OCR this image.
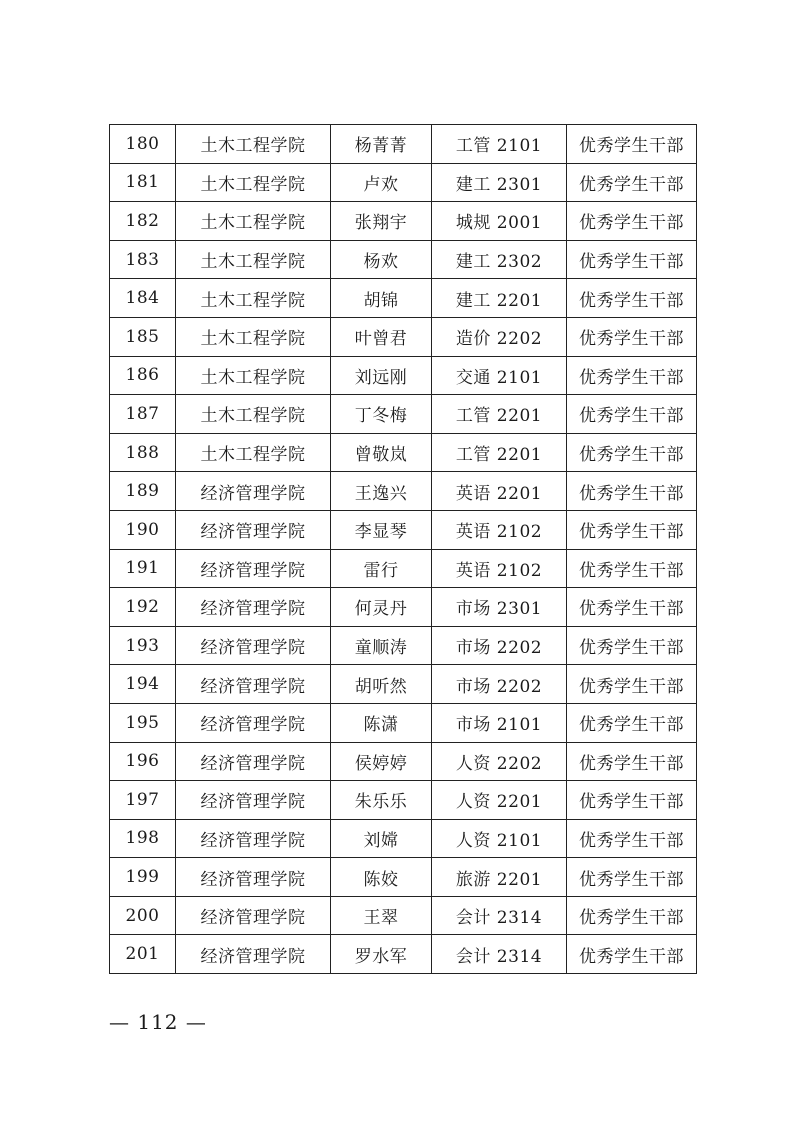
180	土木工程学院	杨菁菁	工管 2101	优秀学生干部
181	土木工程学院	卢欢	建工 2301	优秀学生干部
182	土木工程学院	张翔宇	城规 2001	优秀学生干部
183	土木工程学院	杨欢	建工 2302	优秀学生干部
184	土木工程学院	胡锦	建工 2201	优秀学生干部
185	土木工程学院	叶曾君	造价 2202	优秀学生干部
186	土木工程学院	刘远刚	交通 2101	优秀学生干部
187	土木工程学院	丁冬梅	工管 2201	优秀学生干部
188	土木工程学院	曾敬岚	工管 2201	优秀学生干部
189	经济管理学院	王逸兴	英语 2201	优秀学生干部
190	经济管理学院	李显琴	英语 2102	优秀学生干部
191	经济管理学院	雷行	英语 2102	优秀学生干部
192	经济管理学院	何灵丹	市场 2301	优秀学生干部
193	经济管理学院	童顺涛	市场 2202	优秀学生干部
194	经济管理学院	胡听然	市场 2202	优秀学生干部
195	经济管理学院	陈潇	市场 2101	优秀学生干部
196	经济管理学院	侯婷婷	人资 2202	优秀学生干部
197	经济管理学院	朱乐乐	人资 2201	优秀学生干部
198	经济管理学院	刘嫦	人资 2101	优秀学生干部
199	经济管理学院	陈姣	旅游 2201	优秀学生干部
200	经济管理学院	王翠	会计 2314	优秀学生干部
201	经济管理学院	罗水军	会计 2314	优秀学生干部
— 112 —
